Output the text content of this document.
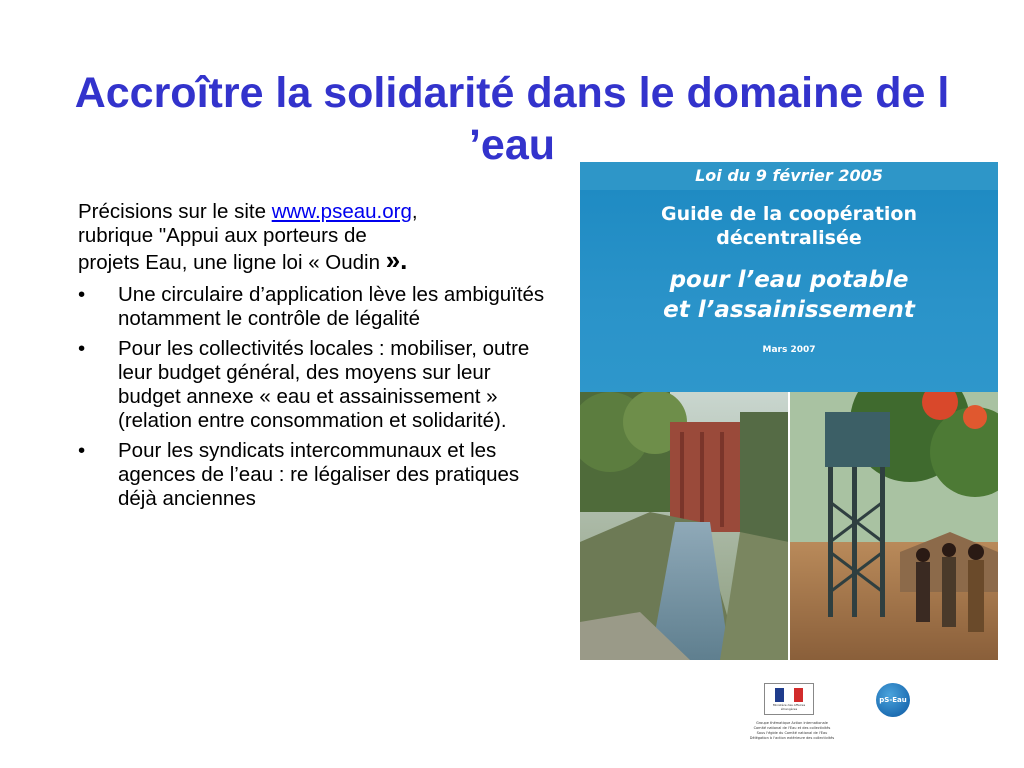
Accroître la solidarité dans le domaine de l ’eau

Précisions sur le site www.pseau.org,
rubrique "Appui aux porteurs de
projets Eau, une ligne loi « Oudin ».

• Une circulaire d’application lève les ambiguïtés notamment le contrôle de légalité
• Pour les collectivités locales : mobiliser, outre leur budget général, des moyens sur leur budget annexe « eau et assainissement » (relation entre consommation et solidarité).
• Pour les syndicats intercommunaux et les agences de l’eau : re légaliser des pratiques déjà anciennes
Loi du 9 février 2005
Guide de la coopération
décentralisée
pour l’eau potable
et l’assainissement
Mars 2007
Ministère des Affaires étrangères
pS-Eau
Groupe thématique Action internationale
Comité national de l'Eau et des collectivités
Sous l'égide du Comité national de l'Eau
Délégation à l'action extérieure des collectivités
